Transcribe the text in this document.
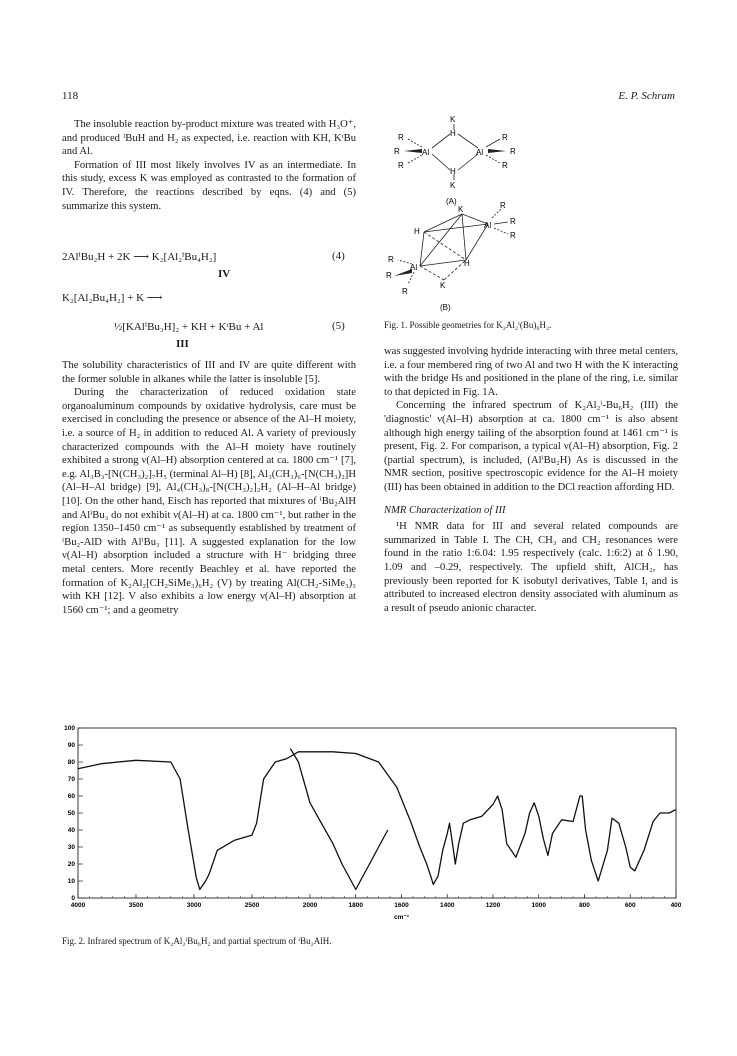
118	E. P. Schram

The insoluble reaction by-product mixture was treated with H₃O⁺, and produced ⁱBuH and H₂ as expected, i.e. reaction with KH, KᵗBu and Al.

Formation of III most likely involves IV as an intermediate. In this study, excess K was employed as contrasted to the formation of IV. Therefore, the reactions described by eqns. (4) and (5) summarize this system.

2AlⁱBu₂H + 2K ⟶ K₂[Al₂ⁱBu₄H₂]	(4)
IV
K₂[Al₂Bu₄H₂] + K ⟶
½[KAlⁱBu₃H]₂ + KH + KᵗBu + Al	(5)
III

The solubility characteristics of III and IV are quite different with the former soluble in alkanes while the latter is insoluble [5].

During the characterization of reduced oxidation state organoaluminum compounds by oxidative hydrolysis, care must be exercised in concluding the presence or absence of the Al–H moiety, i.e. a source of H₂ in addition to reduced Al. A variety of previously characterized compounds with the Al–H moiety have routinely exhibited a strong ν(Al–H) absorption centered at ca. 1800 cm⁻¹ [7], e.g. Al₃B₃-[N(CH₃)₂]₇H₅ (terminal Al–H) [8], Al₃(CH₃)₆-[N(CH₃)₂]H (Al–H–Al bridge) [9], Al₄(CH₃)₈-[N(CH₃)₂]₂H₂ (Al–H–Al bridge) [10]. On the other hand, Eisch has reported that mixtures of ⁱBu₂AlH and AlⁱBu₃ do not exhibit ν(Al–H) at ca. 1800 cm⁻¹, but rather in the region 1350–1450 cm⁻¹ as subsequently established by treatment of ⁱBu₂-AlD with AlⁱBu₃ [11]. A suggested explanation for the low ν(Al–H) absorption included a structure with H⁻ bridging three metal centers. More recently Beachley et al. have reported the formation of K₂Al₂[CH₂SiMe₃)₆H₂ (V) by treating Al(CH₂-SiMe₃)₃ with KH [12]. V also exhibits a low energy ν(Al–H) absorption at 1560 cm⁻¹; and a geometry

K
H
Al	Al
H
K
R
R
R
R
R
R
(A)
K
H
Al
H
Al
K
R
R
R
R
R
R
(B)
Fig. 1. Possible geometries for K₂Al₂ⁱ(Bu)₆H₂.

was suggested involving hydride interacting with three metal centers, i.e. a four membered ring of two Al and two H with the K interacting with the bridge Hs and positioned in the plane of the ring, i.e. similar to that depicted in Fig. 1A.

Concerning the infrared spectrum of K₂Al₂ⁱ-Bu₆H₂ (III) the 'diagnostic' ν(Al–H) absorption at ca. 1800 cm⁻¹ is also absent although high energy tailing of the absorption found at 1461 cm⁻¹ is present, Fig. 2. For comparison, a typical ν(Al–H) absorption, Fig. 2 (partial spectrum), is included, (AlⁱBu₂H) As is discussed in the NMR section, positive spectroscopic evidence for the Al–H moiety (III) has been obtained in addition to the DCl reaction affording HD.

NMR Characterization of III

¹H NMR data for III and several related compounds are summarized in Table I. The CH, CH₃ and CH₂ resonances were found in the ratio 1:6.04: 1.95 respectively (calc. 1:6:2) at δ 1.90, 1.09 and –0.29, respectively. The upfield shift, AlCH₂, has previously been reported for K isobutyl derivatives, Table I, and is attributed to increased electron density associated with aluminum as a result of pseudo anionic character.

100
90
80
70
60
50
40
30
20
10
0
4000	3500	3000	2500	2000	1800	1600	1400	1200	1000	800	600	400
cm⁻¹
Fig. 2. Infrared spectrum of K₂Al₂ⁱBu₆H₂ and partial spectrum of ⁱBu₂AlH.
